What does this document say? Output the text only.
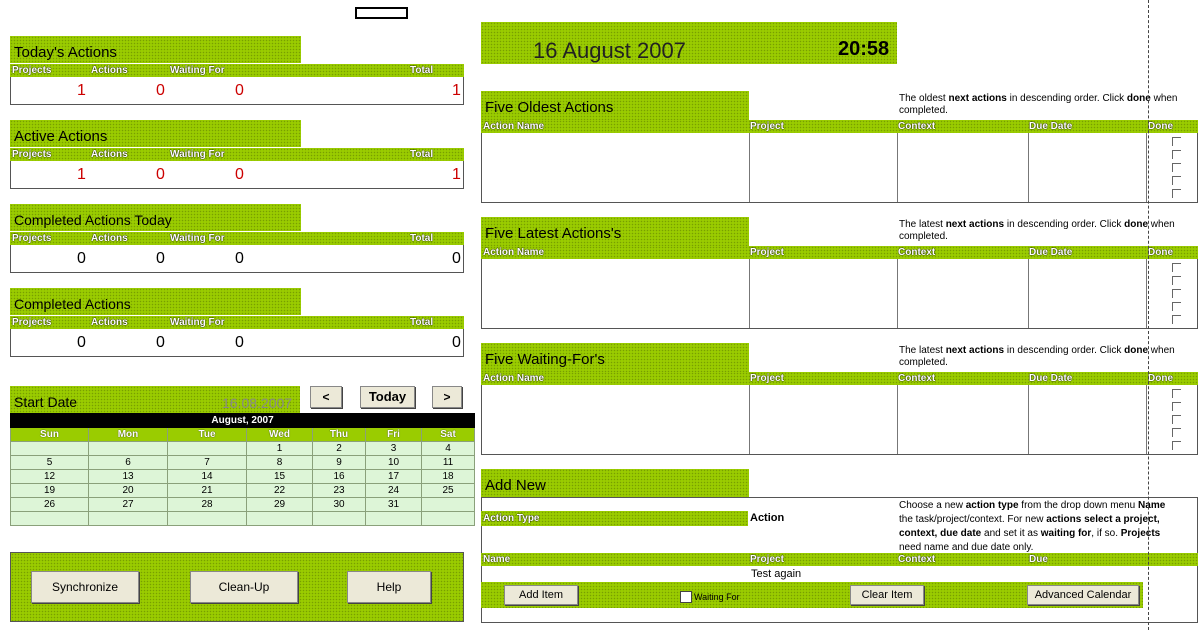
Today's Actions
Projects	Actions	Waiting For	Total
1	0	0	1
Active Actions
Projects	Actions	Waiting For	Total
1	0	0	1
Completed Actions Today
Projects	Actions	Waiting For	Total
0	0	0	0
Completed Actions
Projects	Actions	Waiting For	Total
0	0	0	0
Start Date	16.08.2007	<	Today	>
August, 2007						
Sun	Mon	Tue	Wed	Thu	Fri	Sat
			1	2	3	4
5	6	7	8	9	10	11
12	13	14	15	16	17	18
19	20	21	22	23	24	25
26	27	28	29	30	31	

Synchronize	Clean-Up	Help
16 August 2007	20:58
Five Oldest Actions
The oldest next actions in descending order. Click done when completed.
Action Name	Project	Context	Due Date	Done
Five Latest Actions's
The latest next actions in descending order. Click done when completed.
Action Name	Project	Context	Due Date	Done
Five Waiting-For's
The latest next actions in descending order. Click done when completed.
Action Name	Project	Context	Due Date	Done
Add New
Action Type	Action
Choose a new action type from the drop down menu Name the task/project/context. For new actions select a project, context, due date and set it as waiting for, if so. Projects need name and due date only.
Name	Project	Context	Due
Test again
Add Item	Waiting For	Clear Item	Advanced Calendar
